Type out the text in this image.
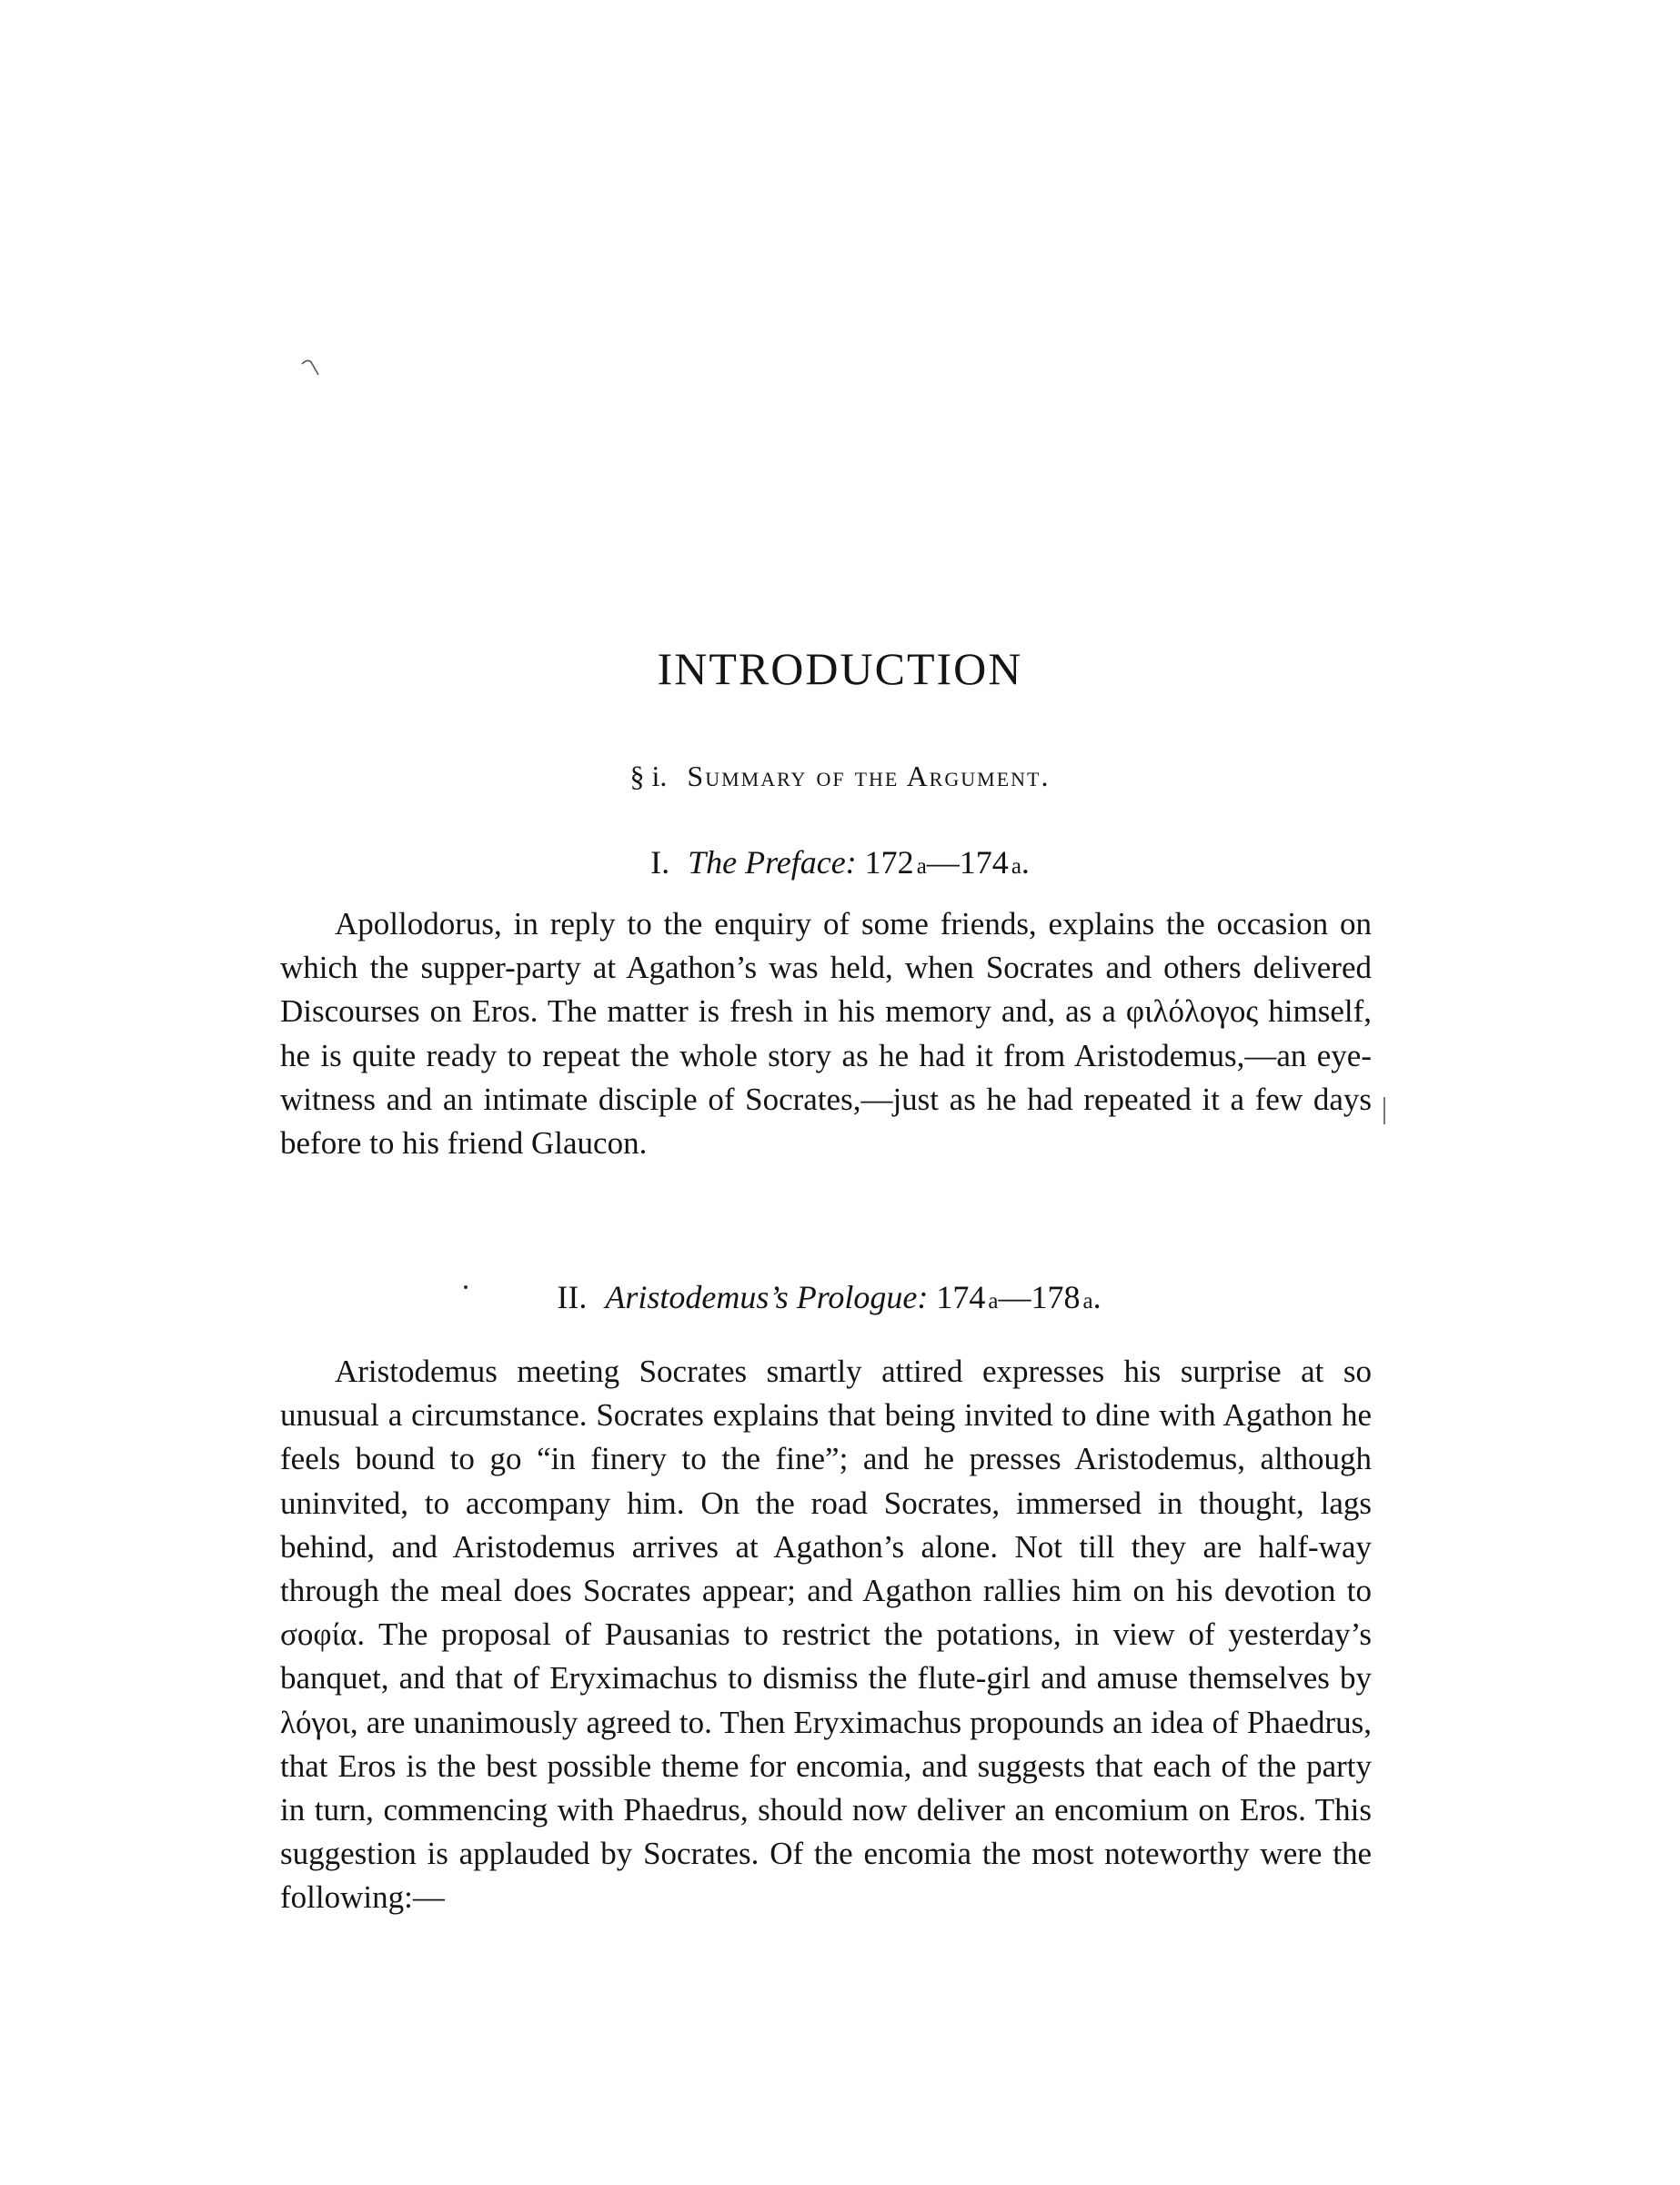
INTRODUCTION
§ i. Summary of the Argument.
I. The Preface: 172  a—174  a.

Apollodorus, in reply to the enquiry of some friends, explains the occasion on which the supper-party at Agathon’s was held, when Socrates and others delivered Discourses on Eros. The matter is fresh in his memory and, as a φιλόλογος himself, he is quite ready to repeat the whole story as he had it from Aristodemus,—an eye-witness and an intimate disciple of Socrates,—just as he had repeated it a few days before to his friend Glaucon.

II. Aristodemus’s Prologue: 174  a—178  a.

Aristodemus meeting Socrates smartly attired expresses his surprise at so unusual a circumstance. Socrates explains that being invited to dine with Agathon he feels bound to go “in finery to the fine”; and he presses Aristodemus, although uninvited, to accompany him. On the road Socrates, immersed in thought, lags behind, and Aristodemus arrives at Agathon’s alone. Not till they are half-way through the meal does Socrates appear; and Agathon rallies him on his devotion to σοφία. The proposal of Pausanias to restrict the potations, in view of yesterday’s banquet, and that of Eryximachus to dismiss the flute-girl and amuse themselves by λόγοι, are unanimously agreed to. Then Eryximachus propounds an idea of Phaedrus, that Eros is the best possible theme for encomia, and suggests that each of the party in turn, commencing with Phaedrus, should now deliver an encomium on Eros. This suggestion is applauded by Socrates. Of the encomia the most noteworthy were the following:—
